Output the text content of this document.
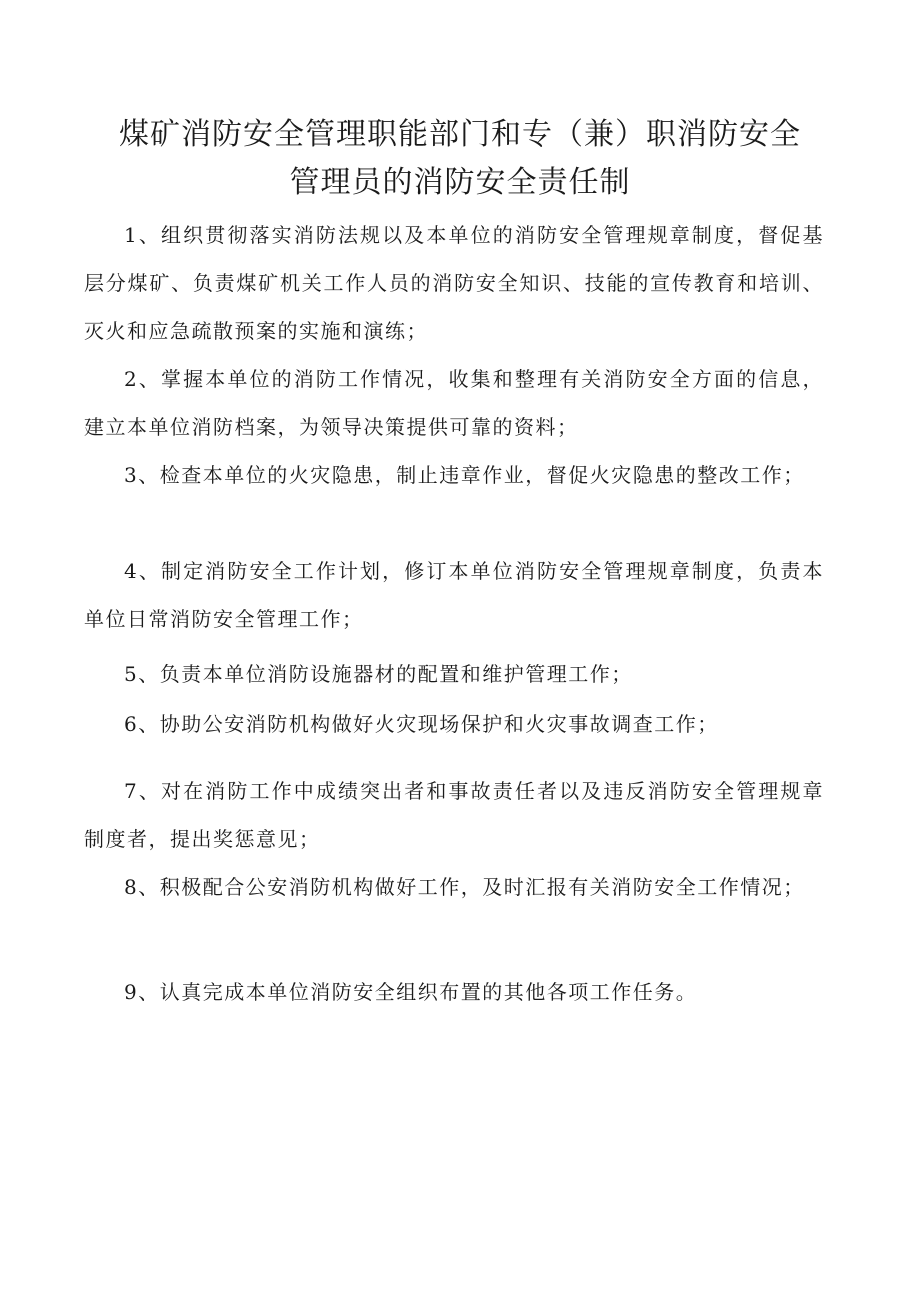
煤矿消防安全管理职能部门和专（兼）职消防安全
管理员的消防安全责任制

1、组织贯彻落实消防法规以及本单位的消防安全管理规章制度，督促基层分煤矿、负责煤矿机关工作人员的消防安全知识、技能的宣传教育和培训、灭火和应急疏散预案的实施和演练；

2、掌握本单位的消防工作情况，收集和整理有关消防安全方面的信息，建立本单位消防档案，为领导决策提供可靠的资料；

3、检查本单位的火灾隐患，制止违章作业，督促火灾隐患的整改工作；

4、制定消防安全工作计划，修订本单位消防安全管理规章制度，负责本单位日常消防安全管理工作；

5、负责本单位消防设施器材的配置和维护管理工作；

6、协助公安消防机构做好火灾现场保护和火灾事故调查工作；

7、对在消防工作中成绩突出者和事故责任者以及违反消防安全管理规章制度者，提出奖惩意见；

8、积极配合公安消防机构做好工作，及时汇报有关消防安全工作情况；

9、认真完成本单位消防安全组织布置的其他各项工作任务。
